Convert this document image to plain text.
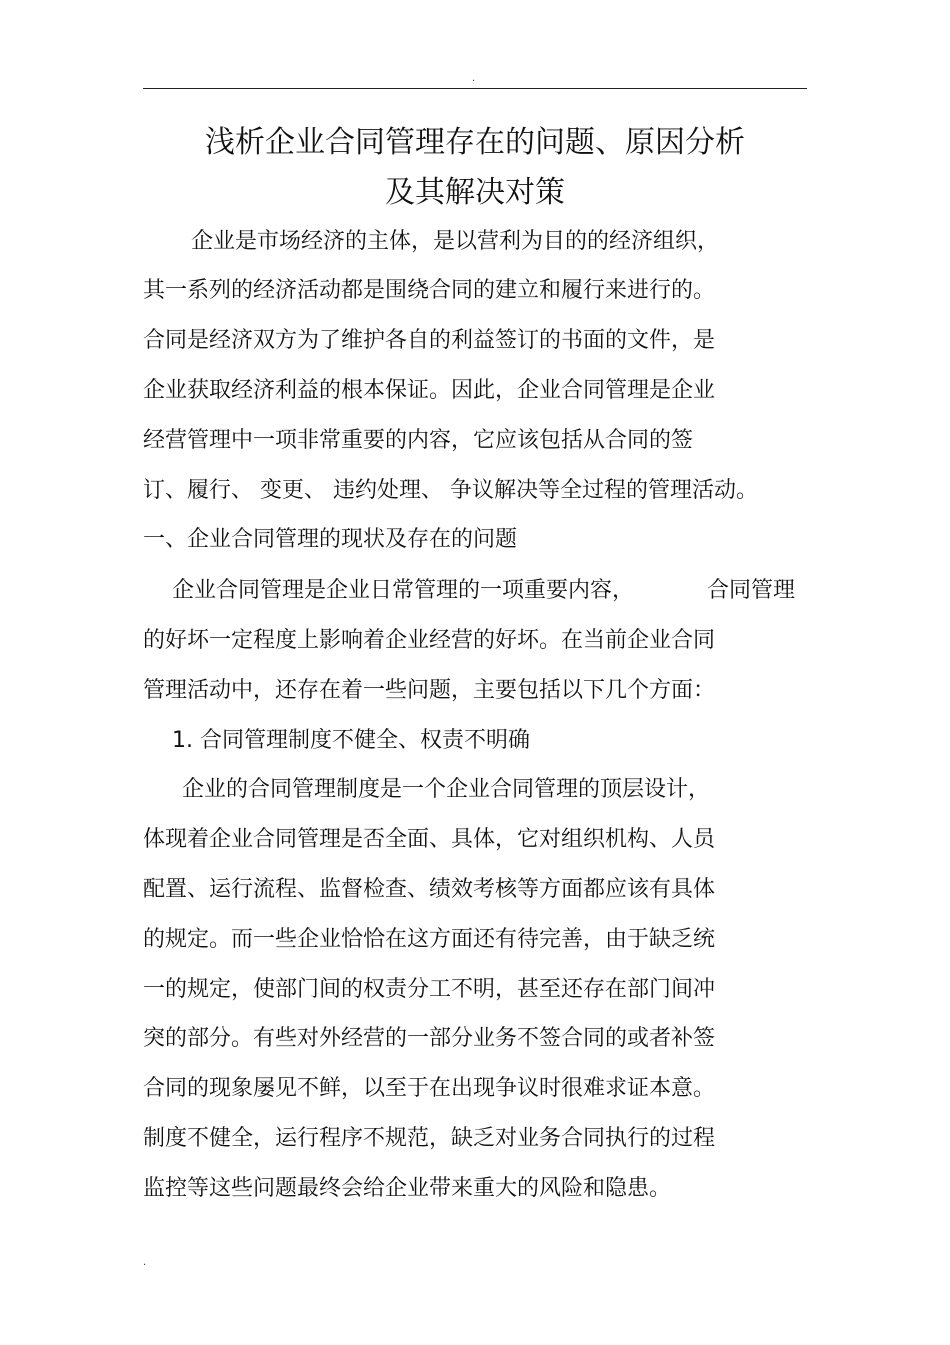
.
浅析企业合同管理存在的问题、原因分析
及其解决对策
企业是市场经济的主体，是以营利为目的的经济组织，
其一系列的经济活动都是围绕合同的建立和履行来进行的。
合同是经济双方为了维护各自的利益签订的书面的文件，是
企业获取经济利益的根本保证。因此，企业合同管理是企业
经营管理中一项非常重要的内容，它应该包括从合同的签
订、履行、 变更、 违约处理、 争议解决等全过程的管理活动。
一、企业合同管理的现状及存在的问题
企业合同管理是企业日常管理的一项重要内容，	合同管理
的好坏一定程度上影响着企业经营的好坏。在当前企业合同
管理活动中，还存在着一些问题，主要包括以下几个方面：
1. 合同管理制度不健全、权责不明确
企业的合同管理制度是一个企业合同管理的顶层设计，
体现着企业合同管理是否全面、具体，它对组织机构、人员
配置、运行流程、监督检查、绩效考核等方面都应该有具体
的规定。而一些企业恰恰在这方面还有待完善，由于缺乏统
一的规定，使部门间的权责分工不明，甚至还存在部门间冲
突的部分。有些对外经营的一部分业务不签合同的或者补签
合同的现象屡见不鲜，以至于在出现争议时很难求证本意。
制度不健全，运行程序不规范，缺乏对业务合同执行的过程
监控等这些问题最终会给企业带来重大的风险和隐患。
.
